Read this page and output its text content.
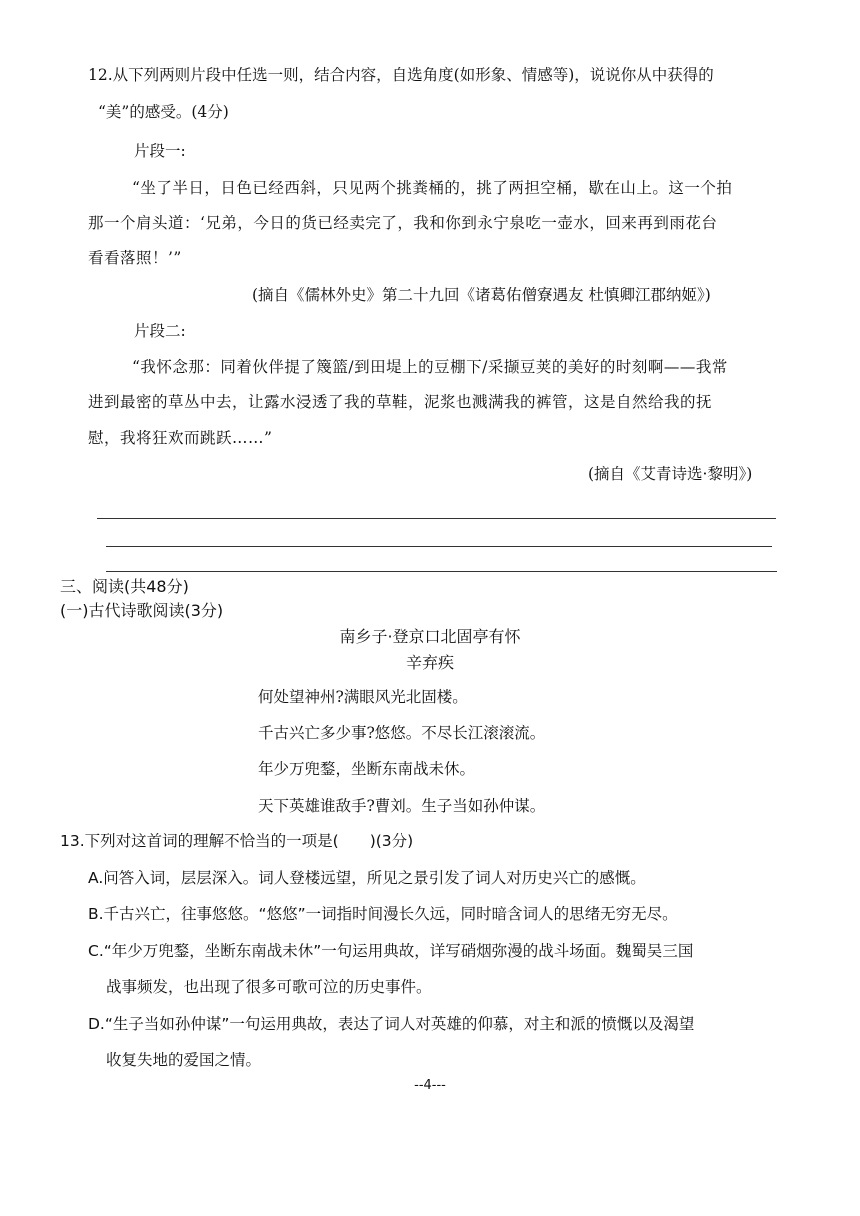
12.从下列两则片段中任选一则，结合内容，自选角度(如形象、情感等)，说说你从中获得的
“美”的感受。(4分)
片段一:
“坐了半日，日色已经西斜，只见两个挑粪桶的，挑了两担空桶，歇在山上。这一个拍
那一个肩头道：‘兄弟，今日的货已经卖完了，我和你到永宁泉吃一壶水，回来再到雨花台
看看落照！’”
(摘自《儒林外史》第二十九回《诸葛佑僧寮遇友 杜慎卿江郡纳姬》)
片段二:
“我怀念那：同着伙伴提了篾篮/到田堤上的豆棚下/采撷豆荚的美好的时刻啊——我常
进到最密的草丛中去，让露水浸透了我的草鞋，泥浆也溅满我的裤管，这是自然给我的抚
慰，我将狂欢而跳跃……”
(摘自《艾青诗选·黎明》)
三、阅读(共48分)
(一)古代诗歌阅读(3分)
南乡子·登京口北固亭有怀
辛弃疾
何处望神州?满眼风光北固楼。
千古兴亡多少事?悠悠。不尽长江滚滚流。
年少万兜鍪，坐断东南战未休。
天下英雄谁敌手?曹刘。生子当如孙仲谋。
13.下列对这首词的理解不恰当的一项是(　　)(3分)
A.问答入词，层层深入。词人登楼远望，所见之景引发了词人对历史兴亡的感慨。
B.千古兴亡，往事悠悠。“悠悠”一词指时间漫长久远，同时暗含词人的思绪无穷无尽。
C.“年少万兜鍪，坐断东南战未休”一句运用典故，详写硝烟弥漫的战斗场面。魏蜀吴三国
战事频发，也出现了很多可歌可泣的历史事件。
D.“生子当如孙仲谋”一句运用典故，表达了词人对英雄的仰慕，对主和派的愤慨以及渴望
收复失地的爱国之情。
--4---
